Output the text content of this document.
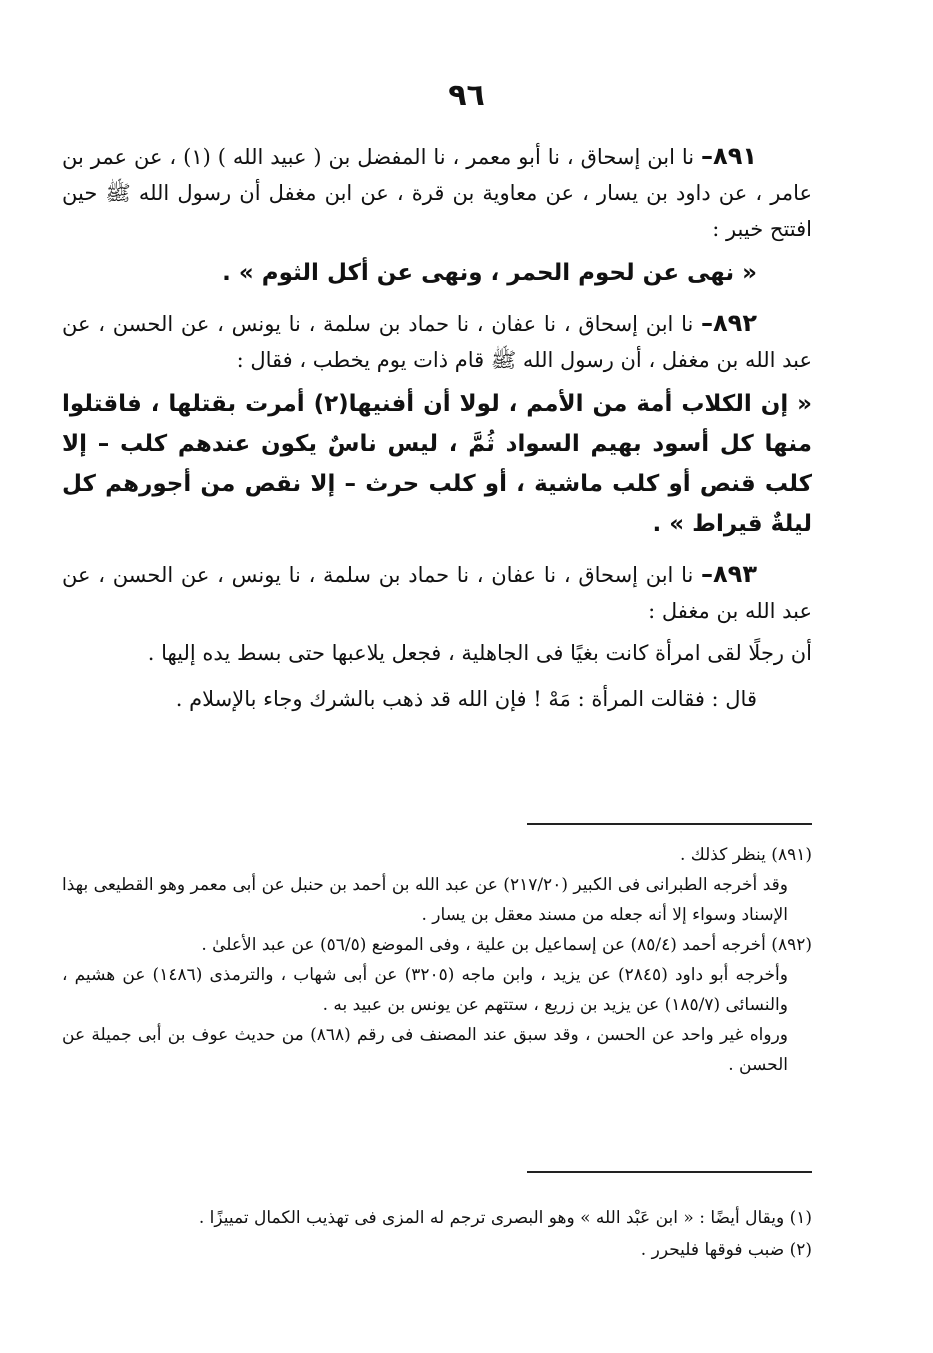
٩٦

٨٩١– نا ابن إسحاق ، نا أبو معمر ، نا المفضل بن ( عبيد الله ) (١) ، عن عمر بن عامر ، عن داود بن يسار ، عن معاوية بن قرة ، عن ابن مغفل أن رسول الله ﷺ حين افتتح خيبر :

« نهى عن لحوم الحمر ، ونهى عن أكل الثوم » .

٨٩٢– نا ابن إسحاق ، نا عفان ، نا حماد بن سلمة ، نا يونس ، عن الحسن ، عن عبد الله بن مغفل ، أن رسول الله ﷺ قام ذات يوم يخطب ، فقال :

« إن الكلاب أمة من الأمم ، لولا أن أفنيها(٢) أمرت بقتلها ، فاقتلوا منها كل أسود بهيم السواد ثُمَّ ، ليس ناسٌ يكون عندهم كلب – إلا كلب قنص أو كلب ماشية ، أو كلب حرث – إلا نقص من أجورهم كل ليلةٌ قيراط » .

٨٩٣– نا ابن إسحاق ، نا عفان ، نا حماد بن سلمة ، نا يونس ، عن الحسن ، عن عبد الله بن مغفل :

أن رجلًا لقى امرأة كانت بغيًا فى الجاهلية ، فجعل يلاعبها حتى بسط يده إليها .

قال : فقالت المرأة : مَهْ ! فإن الله قد ذهب بالشرك وجاء بالإسلام .

(٨٩١) ينظر كذلك .

وقد أخرجه الطبرانى فى الكبير (٢١٧/٢٠) عن عبد الله بن أحمد بن حنبل عن أبى معمر وهو القطيعى بهذا الإسناد وسواء إلا أنه جعله من مسند معقل بن يسار .

(٨٩٢) أخرجه أحمد (٨٥/٤) عن إسماعيل بن علية ، وفى الموضع (٥٦/٥) عن عبد الأعلىٰ .

وأخرجه أبو داود (٢٨٤٥) عن يزيد ، وابن ماجه (٣٢٠٥) عن أبى شهاب ، والترمذى (١٤٨٦) عن هشيم ، والنسائى (١٨٥/٧) عن يزيد بن زريع ، ستتهم عن يونس بن عبيد به .

ورواه غير واحد عن الحسن ، وقد سبق عند المصنف فى رقم (٨٦٨) من حديث عوف بن أبى جميلة عن الحسن .

(١) ويقال أيضًا : « ابن عَبْد الله » وهو البصرى ترجم له المزى فى تهذيب الكمال تمييزًا .

(٢) ضبب فوقها فليحرر .
